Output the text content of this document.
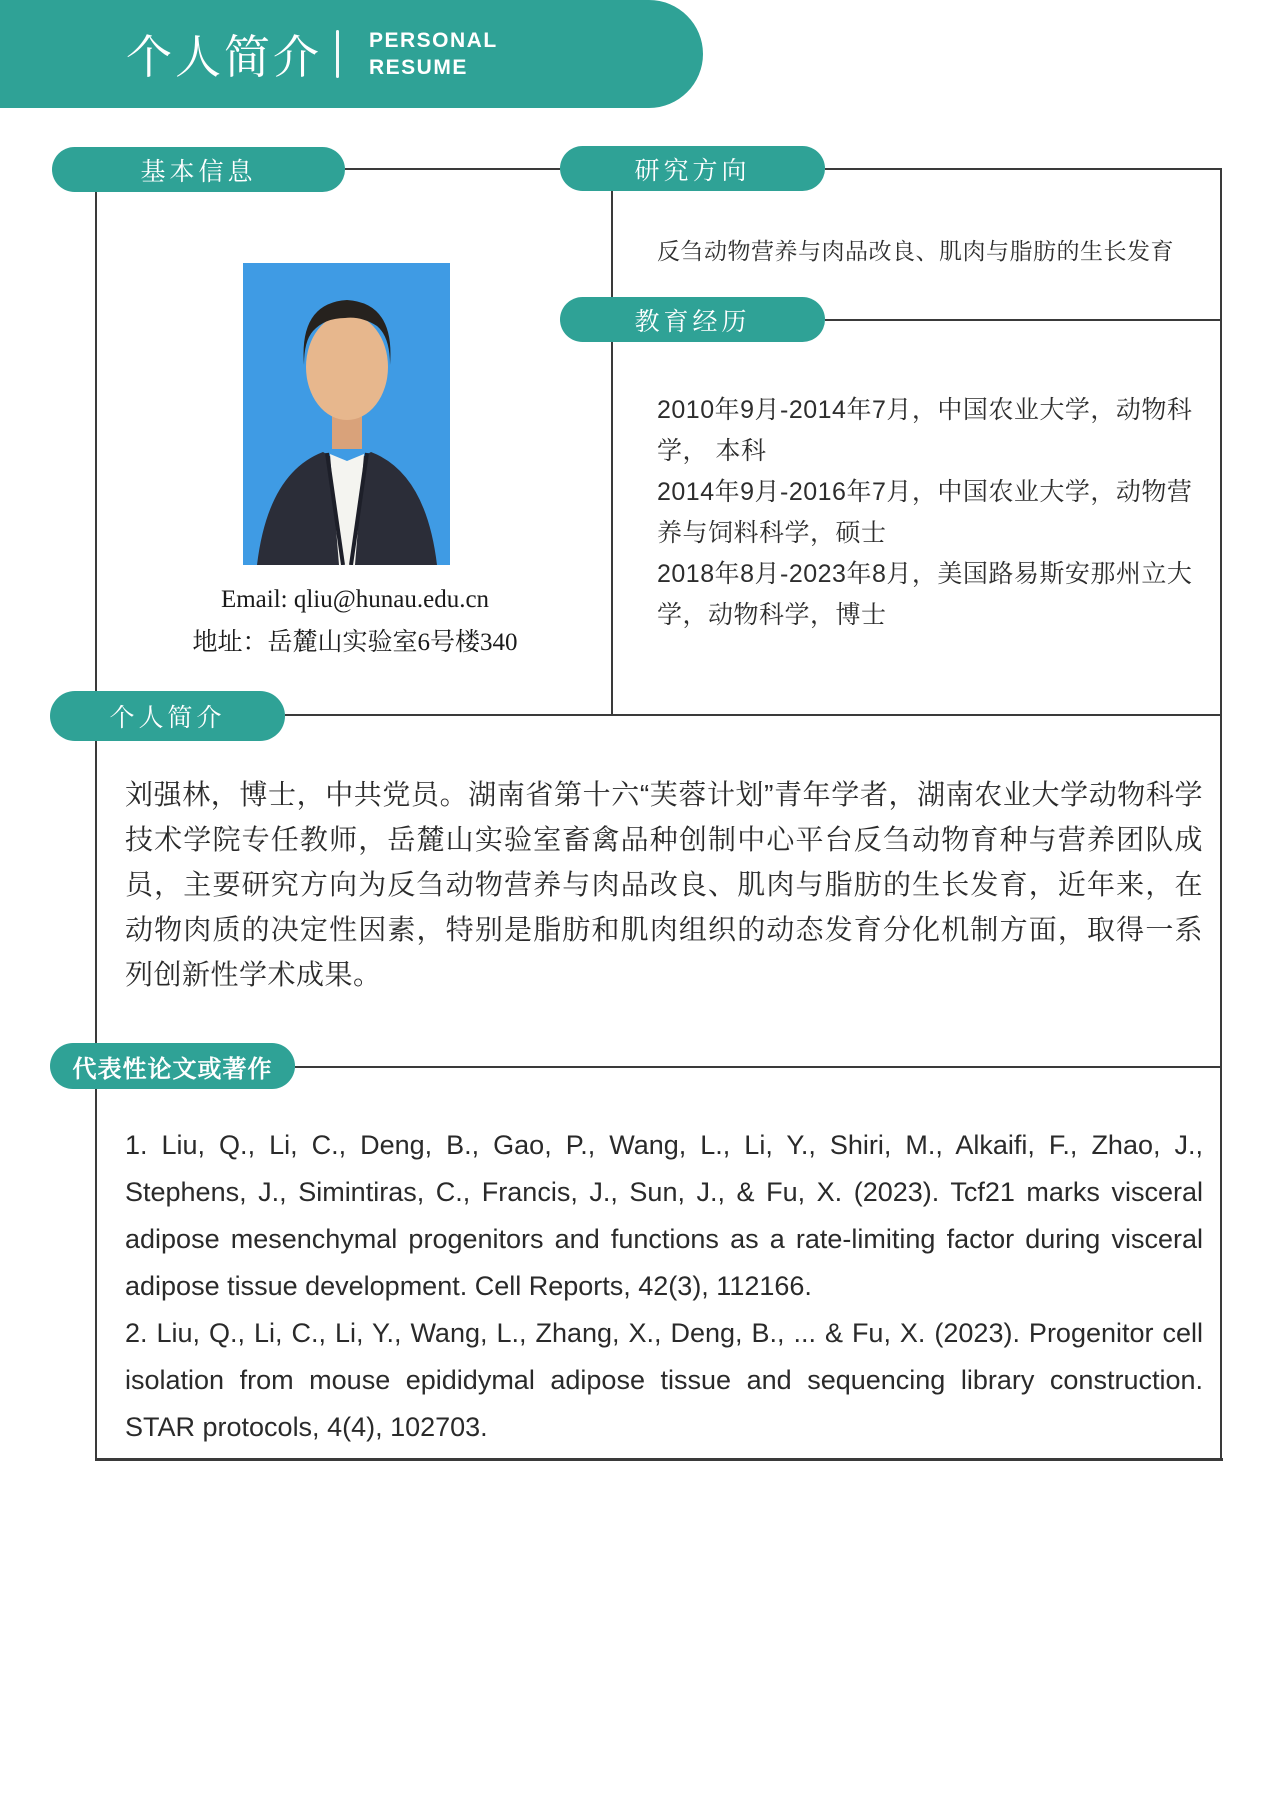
个人简介 PERSONAL
RESUME
基本信息	研究方向
教育经历
个人简介
代表性论文或著作
Email: qliu@hunau.edu.cn
地址：岳麓山实验室6号楼340
反刍动物营养与肉品改良、肌肉与脂肪的生长发育
2010年9月-2014年7月，中国农业大学，动物科学， 本科
2014年9月-2016年7月，中国农业大学，动物营养与饲料科学，硕士
2018年8月-2023年8月，美国路易斯安那州立大学，动物科学，博士
刘强林，博士，中共党员。湖南省第十六“芙蓉计划”青年学者，湖南农业大学动物科学技术学院专任教师，岳麓山实验室畜禽品种创制中心平台反刍动物育种与营养团队成员，主要研究方向为反刍动物营养与肉品改良、肌肉与脂肪的生长发育，近年来，在动物肉质的决定性因素，特别是脂肪和肌肉组织的动态发育分化机制方面，取得一系列创新性学术成果。

1. Liu, Q., Li, C., Deng, B., Gao, P., Wang, L., Li, Y., Shiri, M., Alkaifi, F., Zhao, J., Stephens, J., Simintiras, C., Francis, J., Sun, J., & Fu, X. (2023). Tcf21 marks visceral adipose mesenchymal progenitors and functions as a rate-limiting factor during visceral adipose tissue development. Cell Reports, 42(3), 112166.

2. Liu, Q., Li, C., Li, Y., Wang, L., Zhang, X., Deng, B., ... & Fu, X. (2023). Progenitor cell isolation from mouse epididymal adipose tissue and sequencing library construction. STAR protocols, 4(4), 102703.
